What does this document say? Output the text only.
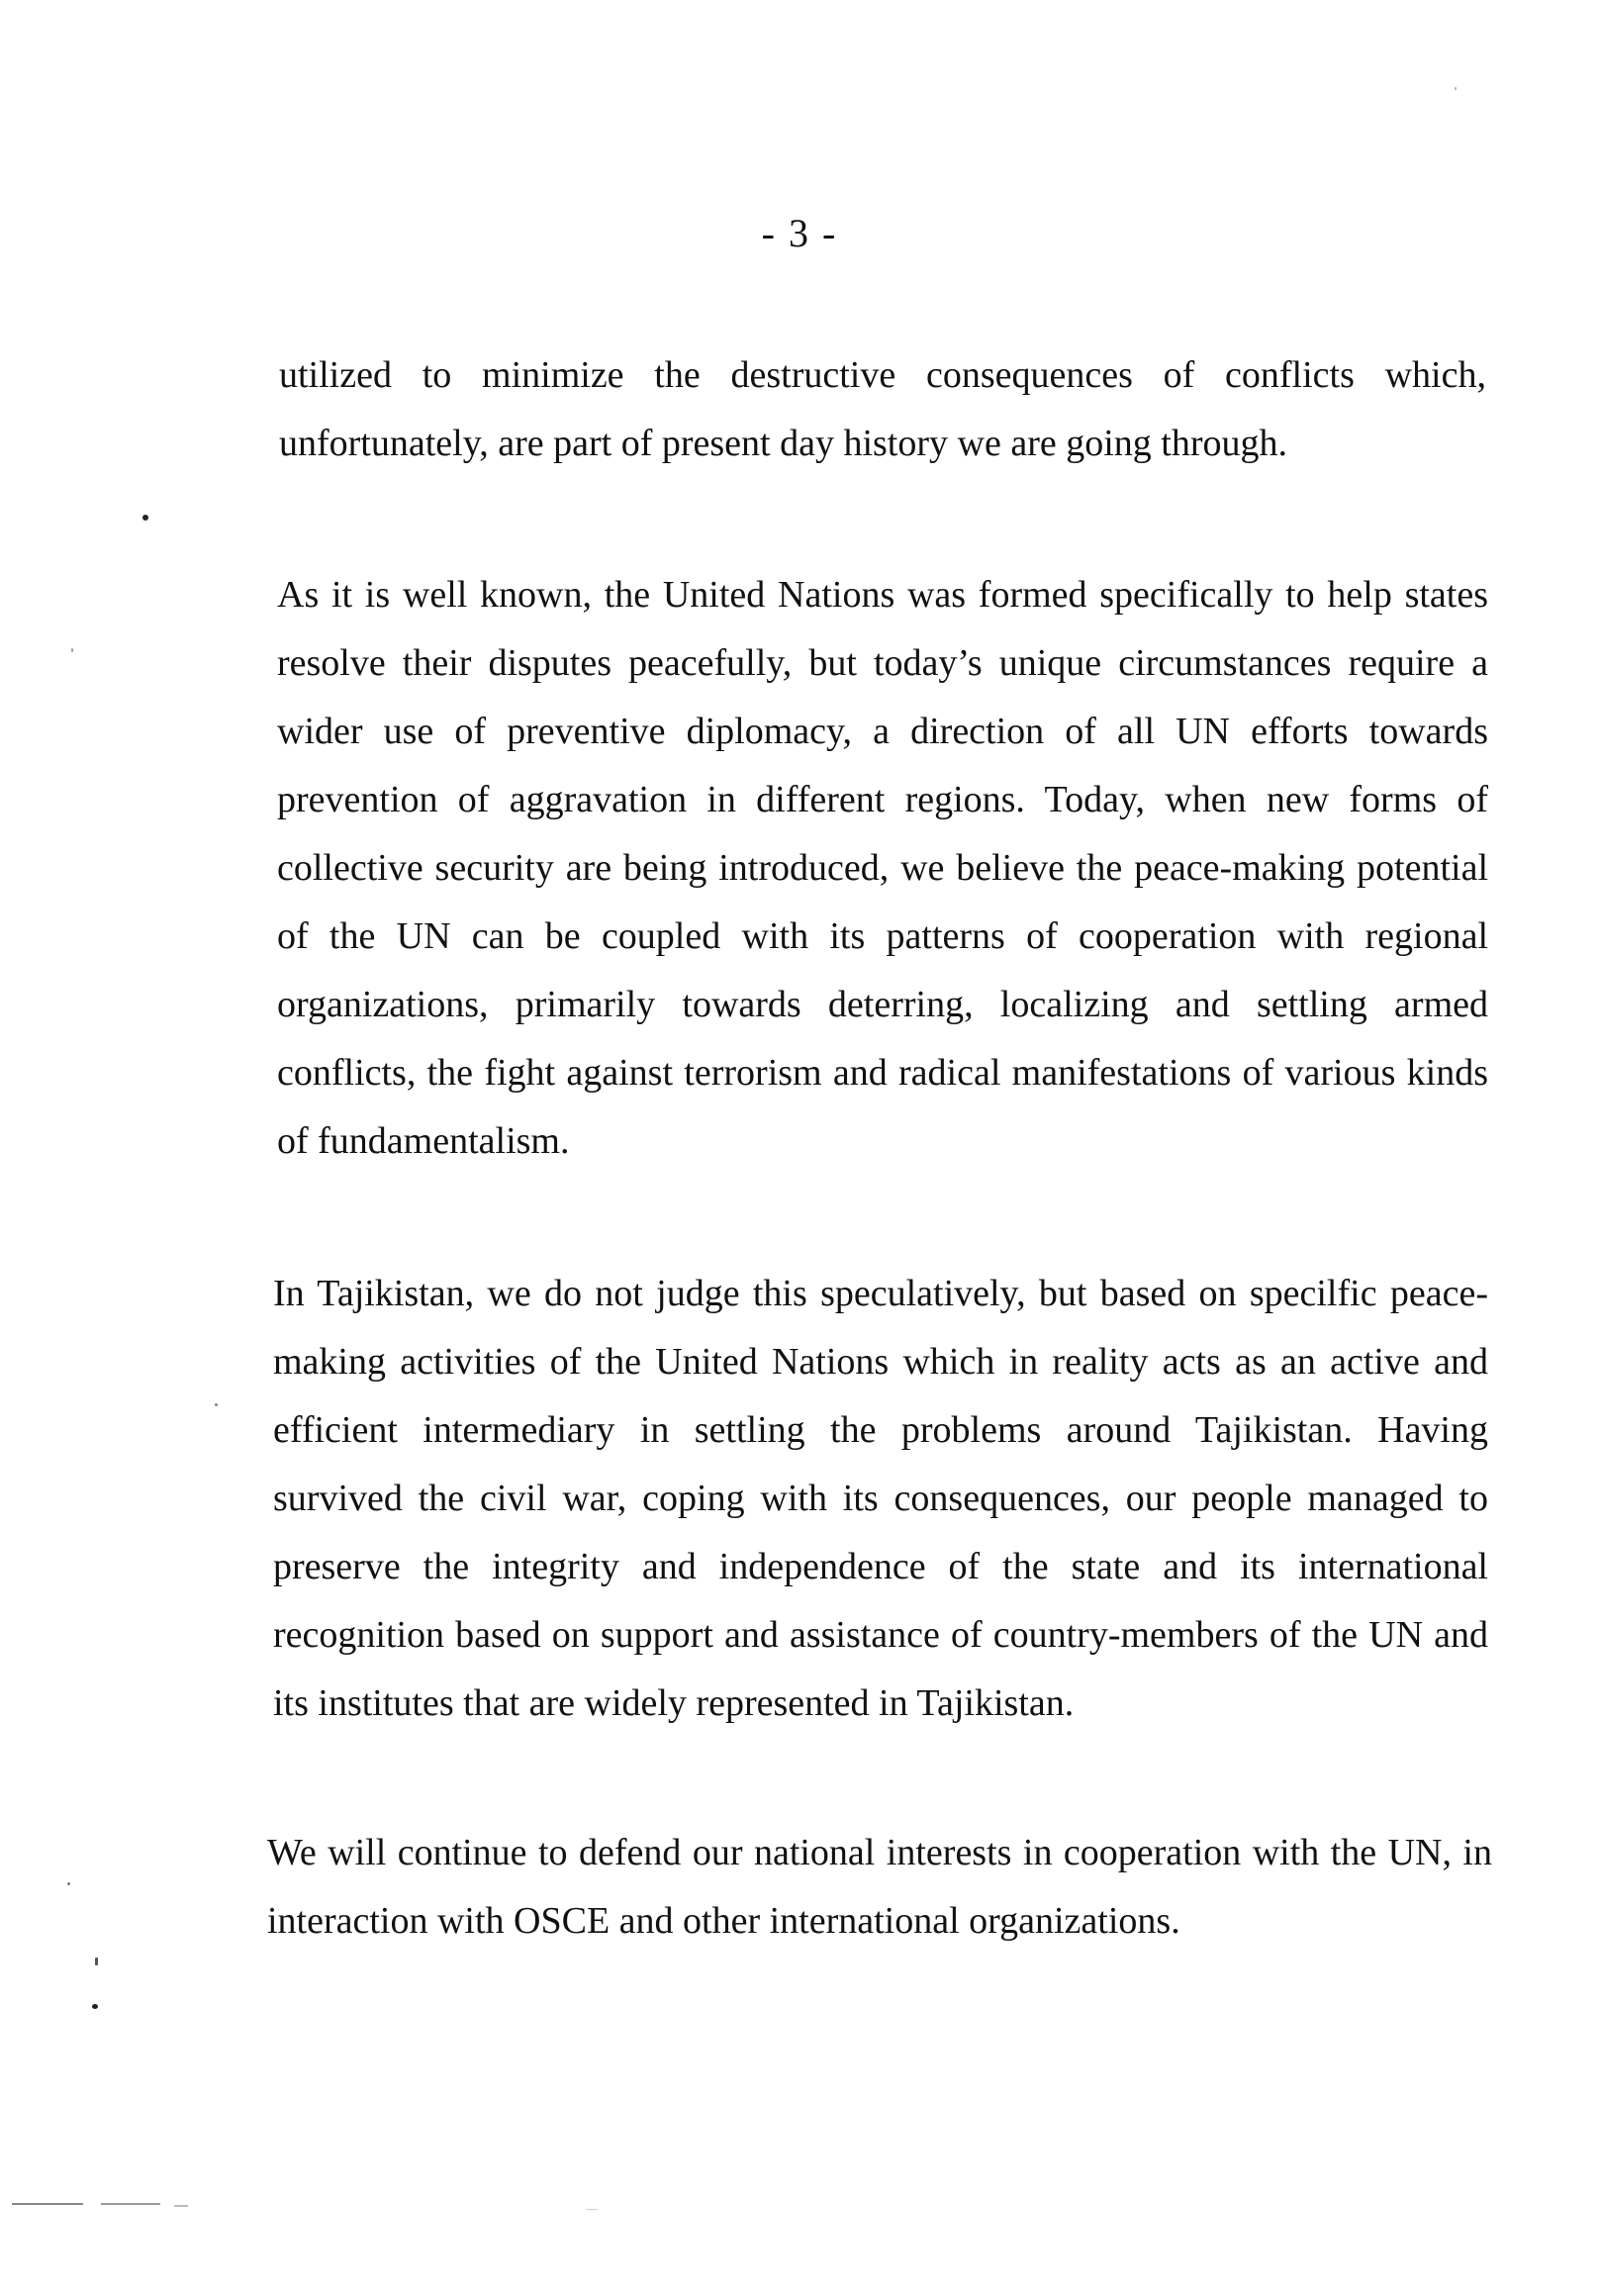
- 3 -

utilized to minimize the destructive consequences of conflicts which, unfortunately, are part of present day history we are going through.

As it is well known, the United Nations was formed specifically to help states resolve their disputes peacefully, but today’s unique circumstances require a wider use of preventive diplomacy, a direction of all UN efforts towards prevention of aggravation in different regions. Today, when new forms of collective security are being introduced, we believe the peace-making potential of the UN can be coupled with its patterns of cooperation with regional organizations, primarily towards deterring, localizing and settling armed conflicts, the fight against terrorism and radical manifestations of various kinds of fundamentalism.

In Tajikistan, we do not judge this speculatively, but based on specilfic peace-making activities of the United Nations which in reality acts as an active and efficient intermediary in settling the problems around Tajikistan. Having survived the civil war, coping with its consequences, our people managed to preserve the integrity and independence of the state and its international recognition based on support and assistance of country-members of the UN and its institutes that are widely represented in Tajikistan.

We will continue to defend our national interests in cooperation with the UN, in interaction with OSCE and other international organizations.
